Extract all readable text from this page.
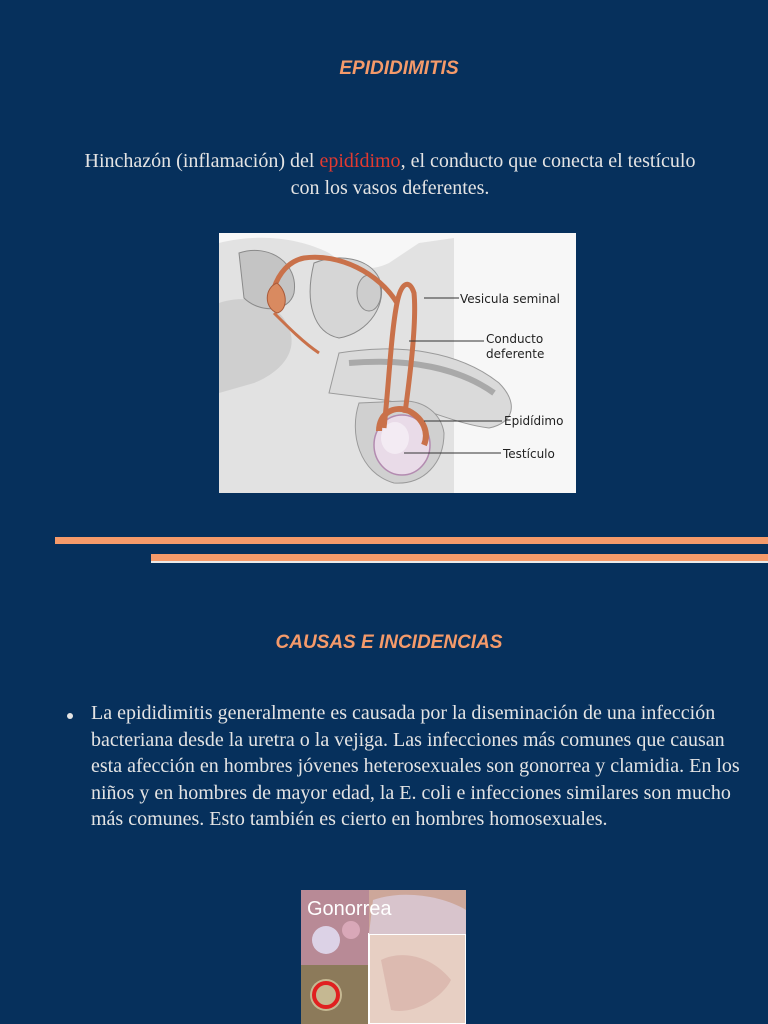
EPIDIDIMITIS
Hinchazón (inflamación) del epidídimo, el conducto que conecta el testículo con los vasos deferentes.
Vesicula seminal
Conducto
deferente
Epidídimo
Testículo
CAUSAS E INCIDENCIAS
La epididimitis generalmente es causada por la diseminación de una infección bacteriana desde la uretra o la vejiga. Las infecciones más comunes que causan esta afección en hombres jóvenes heterosexuales son gonorrea y clamidia. En los niños y en hombres de mayor edad, la E. coli e infecciones similares son mucho más comunes. Esto también es cierto en hombres homosexuales.
Gonorrea
